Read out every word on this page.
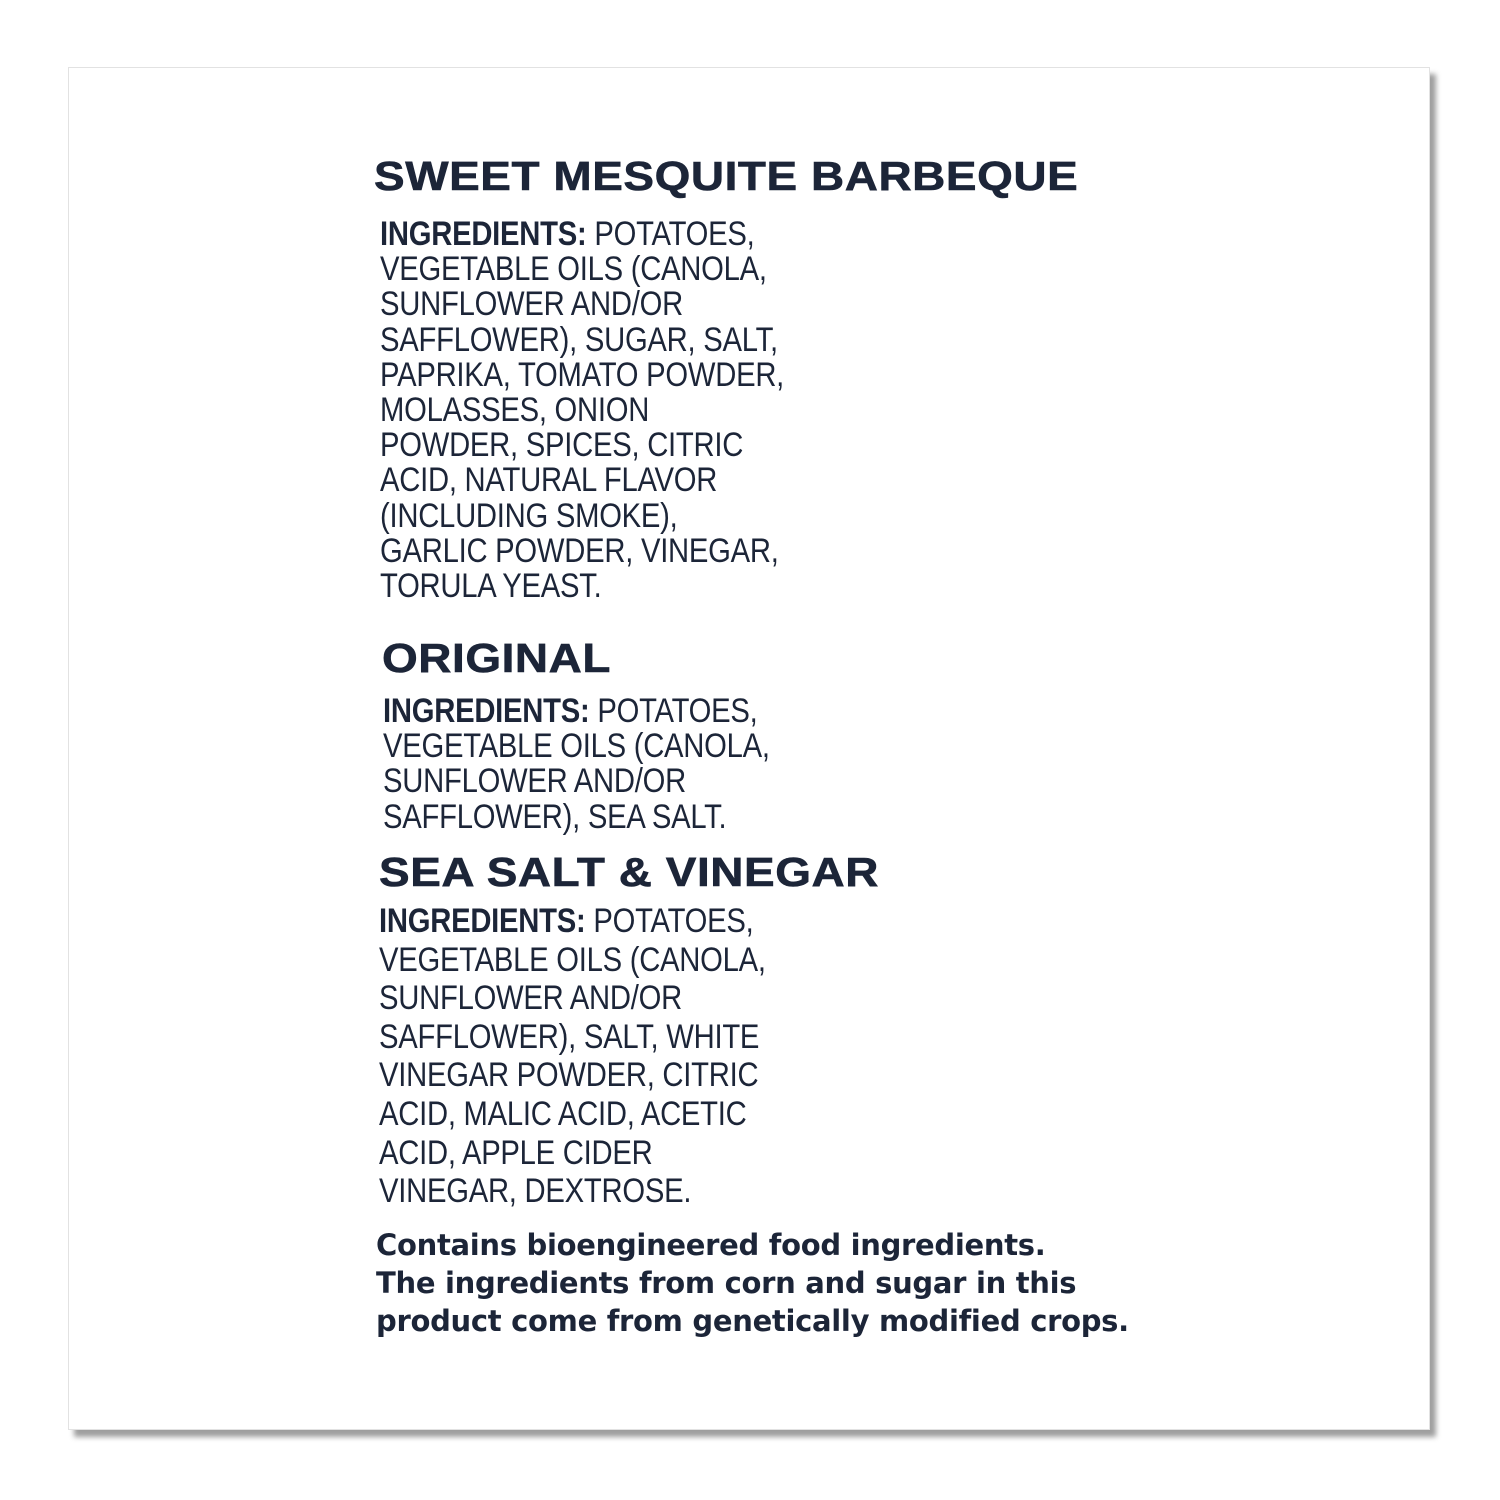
SWEET MESQUITE BARBEQUE
INGREDIENTS: POTATOES,
VEGETABLE OILS (CANOLA,
SUNFLOWER AND/OR
SAFFLOWER), SUGAR, SALT,
PAPRIKA, TOMATO POWDER,
MOLASSES, ONION
POWDER, SPICES, CITRIC
ACID, NATURAL FLAVOR
(INCLUDING SMOKE),
GARLIC POWDER, VINEGAR,
TORULA YEAST.
ORIGINAL
INGREDIENTS: POTATOES,
VEGETABLE OILS (CANOLA,
SUNFLOWER AND/OR
SAFFLOWER), SEA SALT.
SEA SALT & VINEGAR
INGREDIENTS: POTATOES,
VEGETABLE OILS (CANOLA,
SUNFLOWER AND/OR
SAFFLOWER), SALT, WHITE
VINEGAR POWDER, CITRIC
ACID, MALIC ACID, ACETIC
ACID, APPLE CIDER
VINEGAR, DEXTROSE.
Contains bioengineered food ingredients.
The ingredients from corn and sugar in this
product come from genetically modified crops.
